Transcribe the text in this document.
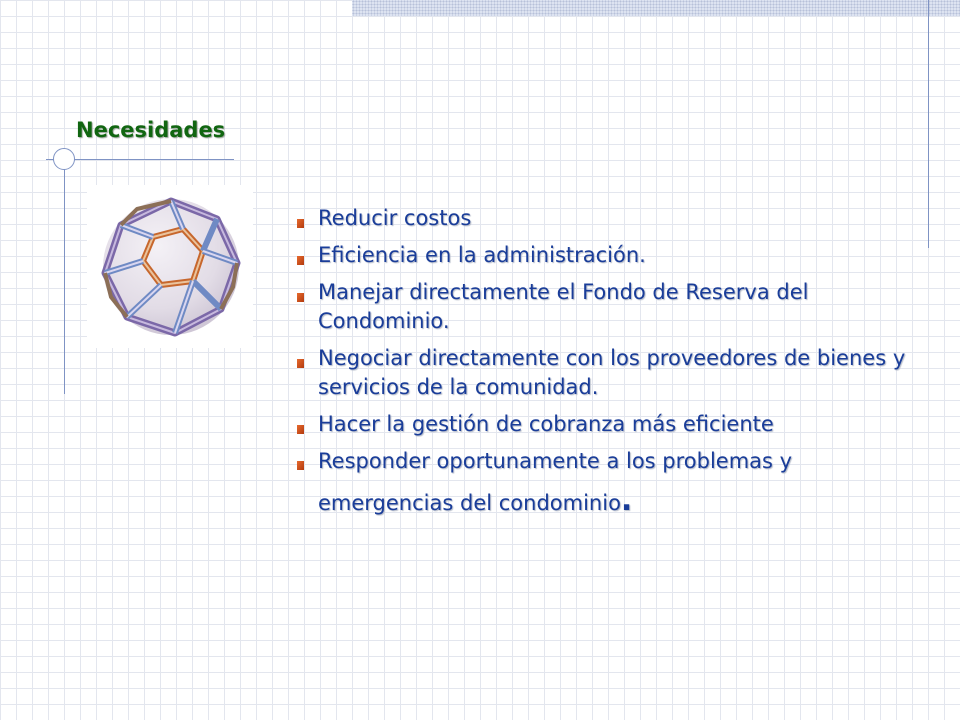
Necesidades
Reducir costos
Eficiencia en la administración.
Manejar directamente el Fondo de Reserva del Condominio.
Negociar directamente con los proveedores de bienes y servicios de la comunidad.
Hacer la gestión de cobranza más eficiente
Responder oportunamente a los problemas y emergencias del condominio.
